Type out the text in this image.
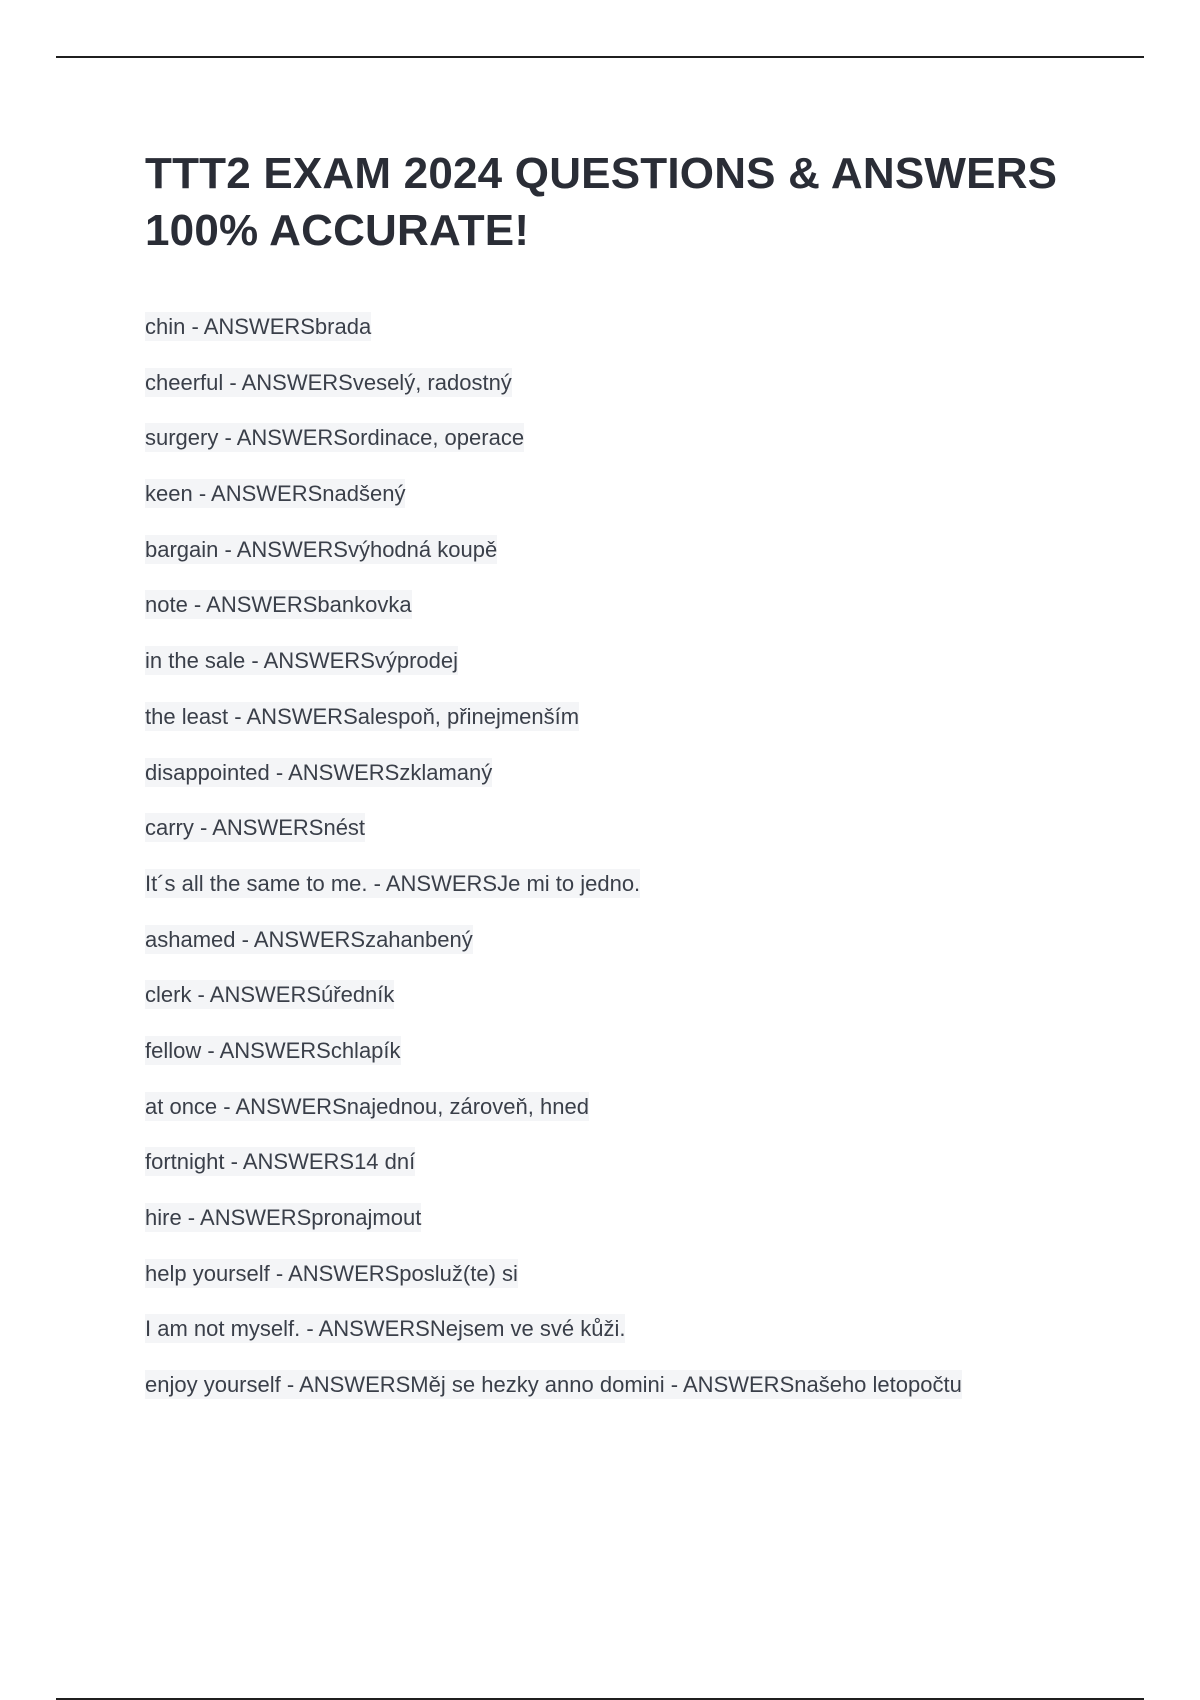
TTT2 EXAM 2024 QUESTIONS & ANSWERS 100% ACCURATE!
chin - ANSWERSbrada
cheerful - ANSWERSveselý, radostný
surgery - ANSWERSordinace, operace
keen - ANSWERSnadšený
bargain - ANSWERSvýhodná koupě
note - ANSWERSbankovka
in the sale - ANSWERSvýprodej
the least - ANSWERSalespoň, přinejmenším
disappointed - ANSWERSzklamaný
carry - ANSWERSnést
It´s all the same to me. - ANSWERSJe mi to jedno.
ashamed - ANSWERSzahanbený
clerk - ANSWERSúředník
fellow - ANSWERSchlapík
at once - ANSWERSnajednou, zároveň, hned
fortnight - ANSWERS14 dní
hire - ANSWERSpronajmout
help yourself - ANSWERSposluž(te) si
I am not myself. - ANSWERSNejsem ve své kůži.
enjoy yourself - ANSWERSMěj se hezky anno domini - ANSWERSnašeho letopočtu
